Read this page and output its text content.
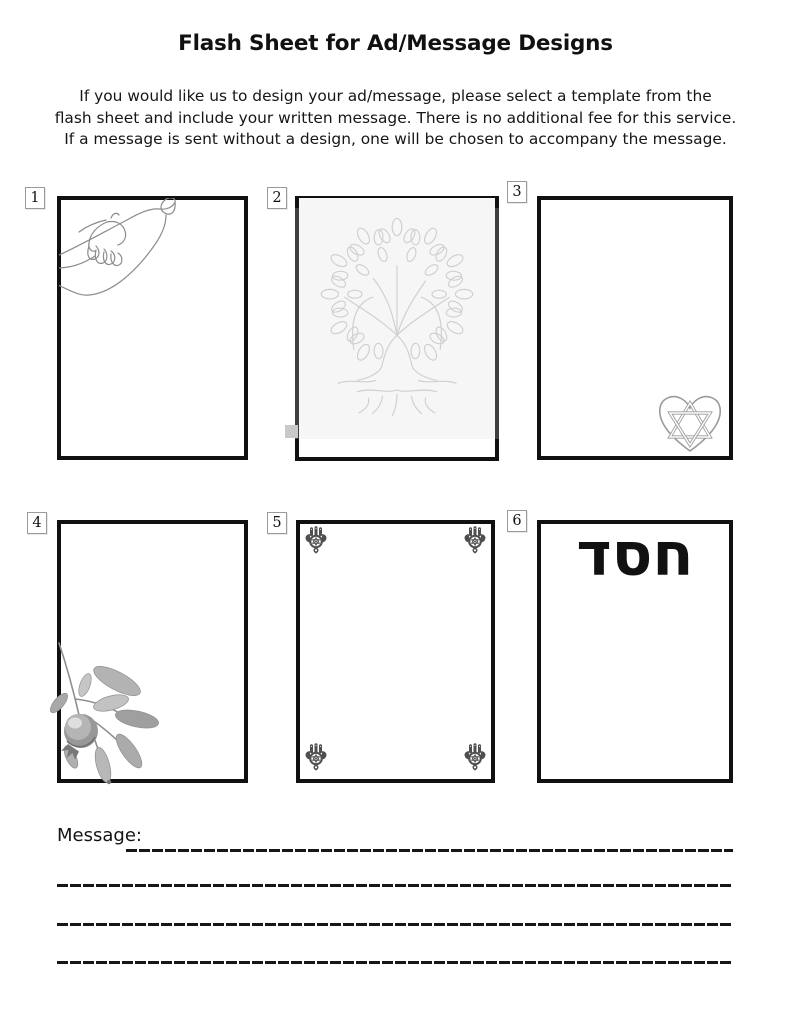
Flash Sheet for Ad/Message Designs
If you would like us to design your ad/message, please select a template from the
flash sheet and include your written message. There is no additional fee for this service.
If a message is sent without a design, one will be chosen to accompany the message.
1	2	3
4	5	6 חסד
Message:
